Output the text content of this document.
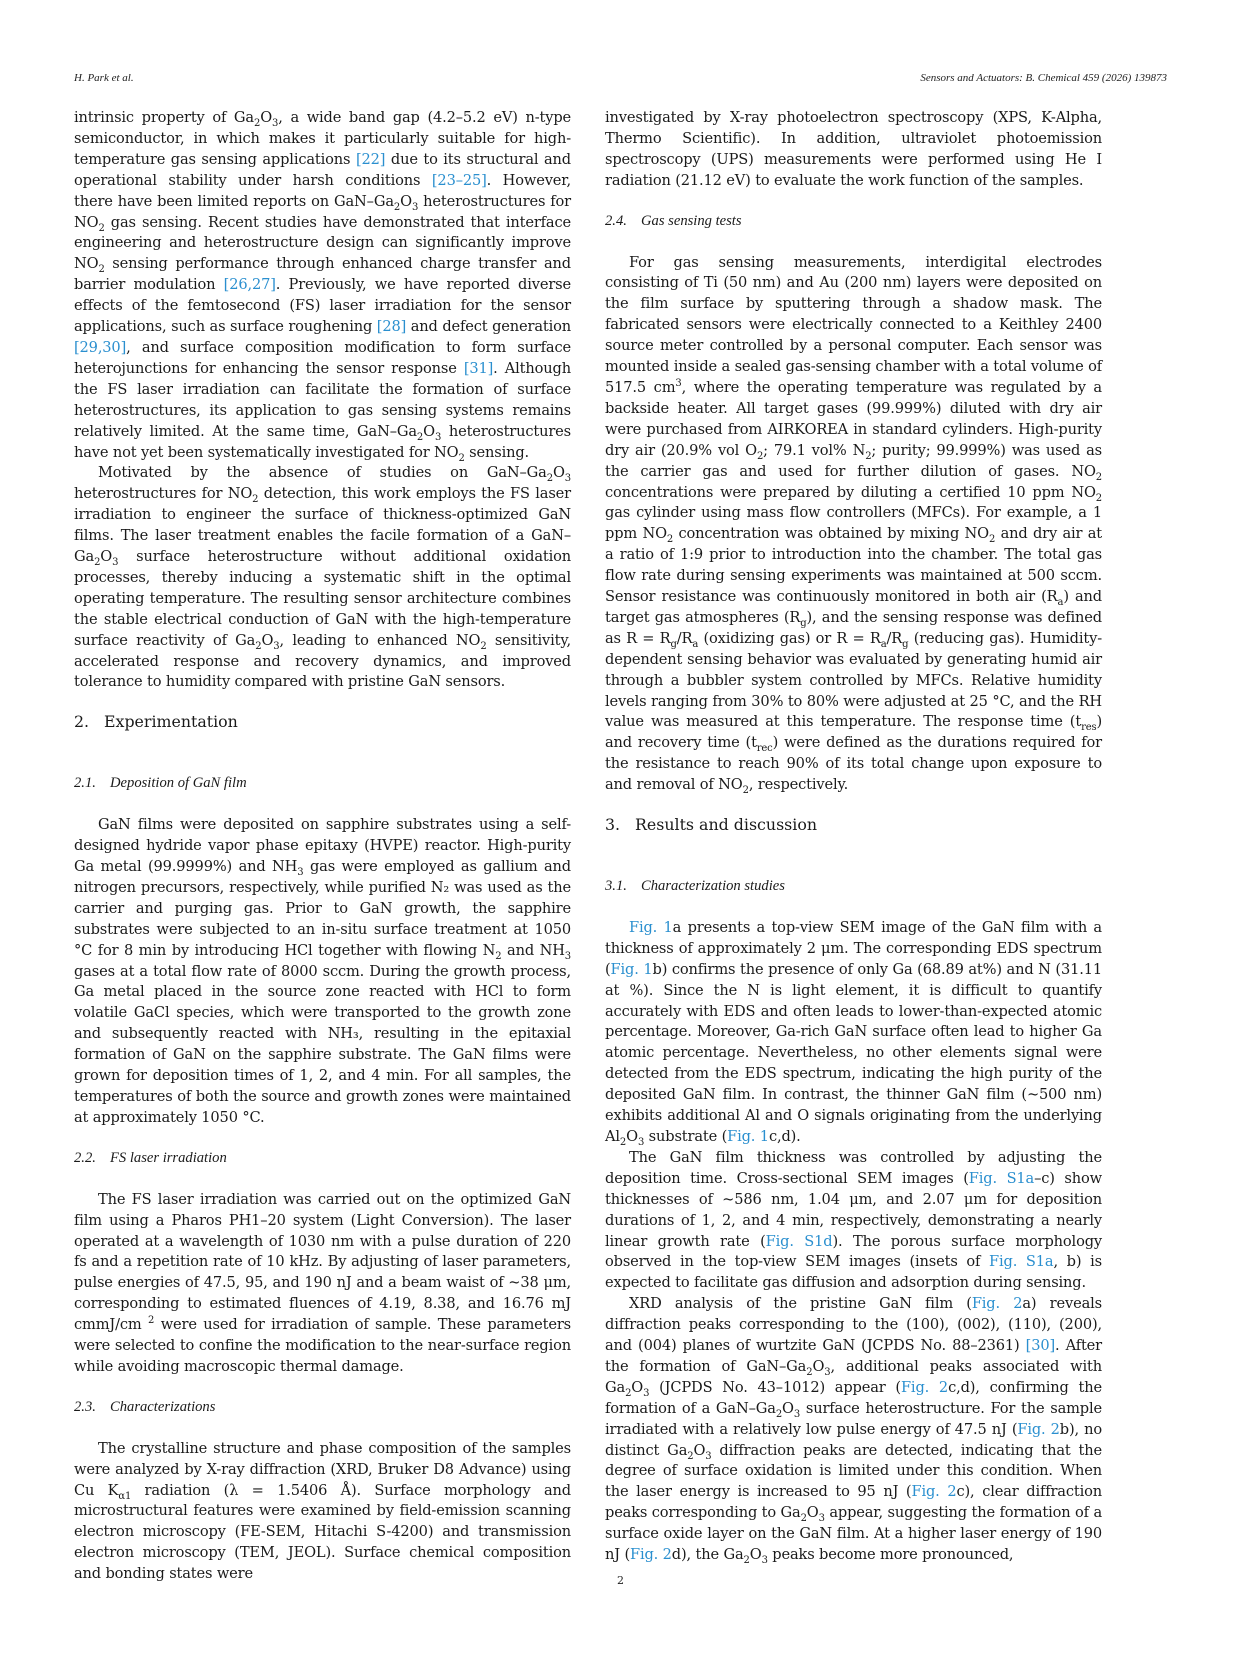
H. Park et al.	Sensors and Actuators: B. Chemical 459 (2026) 139873

intrinsic property of $Ga_2O_3$, a wide band gap (4.2–5.2 eV) n-type semiconductor, in which makes it particularly suitable for high-temperature gas sensing applications [22] due to its structural and operational stability under harsh conditions [23–25]. However, there have been limited reports on GaN–$Ga_2O_3$ heterostructures for $NO_2$ gas sensing. Recent studies have demonstrated that interface engineering and heterostructure design can significantly improve $NO_2$ sensing performance through enhanced charge transfer and barrier modulation [26,27]. Previously, we have reported diverse effects of the femtosecond (FS) laser irradiation for the sensor applications, such as surface roughening [28] and defect generation [29,30], and surface composition modification to form surface heterojunctions for enhancing the sensor response [31]. Although the FS laser irradiation can facilitate the formation of surface heterostructures, its application to gas sensing systems remains relatively limited. At the same time, GaN–$Ga_2O_3$ heterostructures have not yet been systematically investigated for $NO_2$ sensing.

Motivated by the absence of studies on GaN–$Ga_2O_3$ heterostructures for $NO_2$ detection, this work employs the FS laser irradiation to engineer the surface of thickness-optimized GaN films. The laser treatment enables the facile formation of a GaN–$Ga_2O_3$ surface heterostructure without additional oxidation processes, thereby inducing a systematic shift in the optimal operating temperature. The resulting sensor architecture combines the stable electrical conduction of GaN with the high-temperature surface reactivity of $Ga_2O_3$, leading to enhanced $NO_2$ sensitivity, accelerated response and recovery dynamics, and improved tolerance to humidity compared with pristine GaN sensors.

2. Experimentation
2.1. Deposition of GaN film

GaN films were deposited on sapphire substrates using a self-designed hydride vapor phase epitaxy (HVPE) reactor. High-purity Ga metal (99.9999%) and $NH_3$ gas were employed as gallium and nitrogen precursors, respectively, while purified N₂ was used as the carrier and purging gas. Prior to GaN growth, the sapphire substrates were subjected to an in-situ surface treatment at 1050 °C for 8 min by introducing HCl together with flowing $N_2$ and $NH_3$ gases at a total flow rate of 8000 sccm. During the growth process, Ga metal placed in the source zone reacted with HCl to form volatile GaCl species, which were transported to the growth zone and subsequently reacted with NH₃, resulting in the epitaxial formation of GaN on the sapphire substrate. The GaN films were grown for deposition times of 1, 2, and 4 min. For all samples, the temperatures of both the source and growth zones were maintained at approximately 1050 °C.

2.2. FS laser irradiation

The FS laser irradiation was carried out on the optimized GaN film using a Pharos PH1–20 system (Light Conversion). The laser operated at a wavelength of 1030 nm with a pulse duration of 220 fs and a repetition rate of 10 kHz. By adjusting of laser parameters, pulse energies of 47.5, 95, and 190 nJ and a beam waist of ~38 μm, corresponding to estimated fluences of 4.19, 8.38, and 16.76 mJ cmmJ/cm $^2$ were used for irradiation of sample. These parameters were selected to confine the modification to the near-surface region while avoiding macroscopic thermal damage.

2.3. Characterizations

The crystalline structure and phase composition of the samples were analyzed by X-ray diffraction (XRD, Bruker D8 Advance) using Cu $K_{\alpha 1}$ radiation (λ = 1.5406 Å). Surface morphology and microstructural features were examined by field-emission scanning electron microscopy (FE-SEM, Hitachi S-4200) and transmission electron microscopy (TEM, JEOL). Surface chemical composition and bonding states were

investigated by X-ray photoelectron spectroscopy (XPS, K-Alpha, Thermo Scientific). In addition, ultraviolet photoemission spectroscopy (UPS) measurements were performed using He I radiation (21.12 eV) to evaluate the work function of the samples.

2.4. Gas sensing tests

For gas sensing measurements, interdigital electrodes consisting of Ti (50 nm) and Au (200 nm) layers were deposited on the film surface by sputtering through a shadow mask. The fabricated sensors were electrically connected to a Keithley 2400 source meter controlled by a personal computer. Each sensor was mounted inside a sealed gas-sensing chamber with a total volume of 517.5 $cm^3$, where the operating temperature was regulated by a backside heater. All target gases (99.999%) diluted with dry air were purchased from AIRKOREA in standard cylinders. High-purity dry air (20.9% vol $O_2$; 79.1 vol% $N_2$; purity; 99.999%) was used as the carrier gas and used for further dilution of gases. $NO_2$ concentrations were prepared by diluting a certified 10 ppm $NO_2$ gas cylinder using mass flow controllers (MFCs). For example, a 1 ppm $NO_2$ concentration was obtained by mixing $NO_2$ and dry air at a ratio of 1:9 prior to introduction into the chamber. The total gas flow rate during sensing experiments was maintained at 500 sccm. Sensor resistance was continuously monitored in both air $(R_a)$ and target gas atmospheres $(R_g)$, and the sensing response was defined as $R = R_g/R_a$ (oxidizing gas) or $R = R_a/R_g$ (reducing gas). Humidity-dependent sensing behavior was evaluated by generating humid air through a bubbler system controlled by MFCs. Relative humidity levels ranging from 30% to 80% were adjusted at 25 °C, and the RH value was measured at this temperature. The response time $(t_{res})$ and recovery time $(t_{rec})$ were defined as the durations required for the resistance to reach 90% of its total change upon exposure to and removal of $NO_2$, respectively.

3. Results and discussion
3.1. Characterization studies

Fig. 1a presents a top-view SEM image of the GaN film with a thickness of approximately 2 μm. The corresponding EDS spectrum (Fig. 1b) confirms the presence of only Ga (68.89 at%) and N (31.11 at %). Since the N is light element, it is difficult to quantify accurately with EDS and often leads to lower-than-expected atomic percentage. Moreover, Ga-rich GaN surface often lead to higher Ga atomic percentage. Nevertheless, no other elements signal were detected from the EDS spectrum, indicating the high purity of the deposited GaN film. In contrast, the thinner GaN film (~500 nm) exhibits additional Al and O signals originating from the underlying $Al_2O_3$ substrate (Fig. 1c,d).

The GaN film thickness was controlled by adjusting the deposition time. Cross-sectional SEM images (Fig. S1a–c) show thicknesses of ~586 nm, 1.04 μm, and 2.07 μm for deposition durations of 1, 2, and 4 min, respectively, demonstrating a nearly linear growth rate (Fig. S1d). The porous surface morphology observed in the top-view SEM images (insets of Fig. S1a, b) is expected to facilitate gas diffusion and adsorption during sensing.

XRD analysis of the pristine GaN film (Fig. 2a) reveals diffraction peaks corresponding to the (100), (002), (110), (200), and (004) planes of wurtzite GaN (JCPDS No. 88–2361) [30]. After the formation of GaN–$Ga_2O_3$, additional peaks associated with $Ga_2O_3$ (JCPDS No. 43–1012) appear (Fig. 2c,d), confirming the formation of a GaN–$Ga_2O_3$ surface heterostructure. For the sample irradiated with a relatively low pulse energy of 47.5 nJ (Fig. 2b), no distinct $Ga_2O_3$ diffraction peaks are detected, indicating that the degree of surface oxidation is limited under this condition. When the laser energy is increased to 95 nJ (Fig. 2c), clear diffraction peaks corresponding to $Ga_2O_3$ appear, suggesting the formation of a surface oxide layer on the GaN film. At a higher laser energy of 190 nJ (Fig. 2d), the $Ga_2O_3$ peaks become more pronounced,

2
